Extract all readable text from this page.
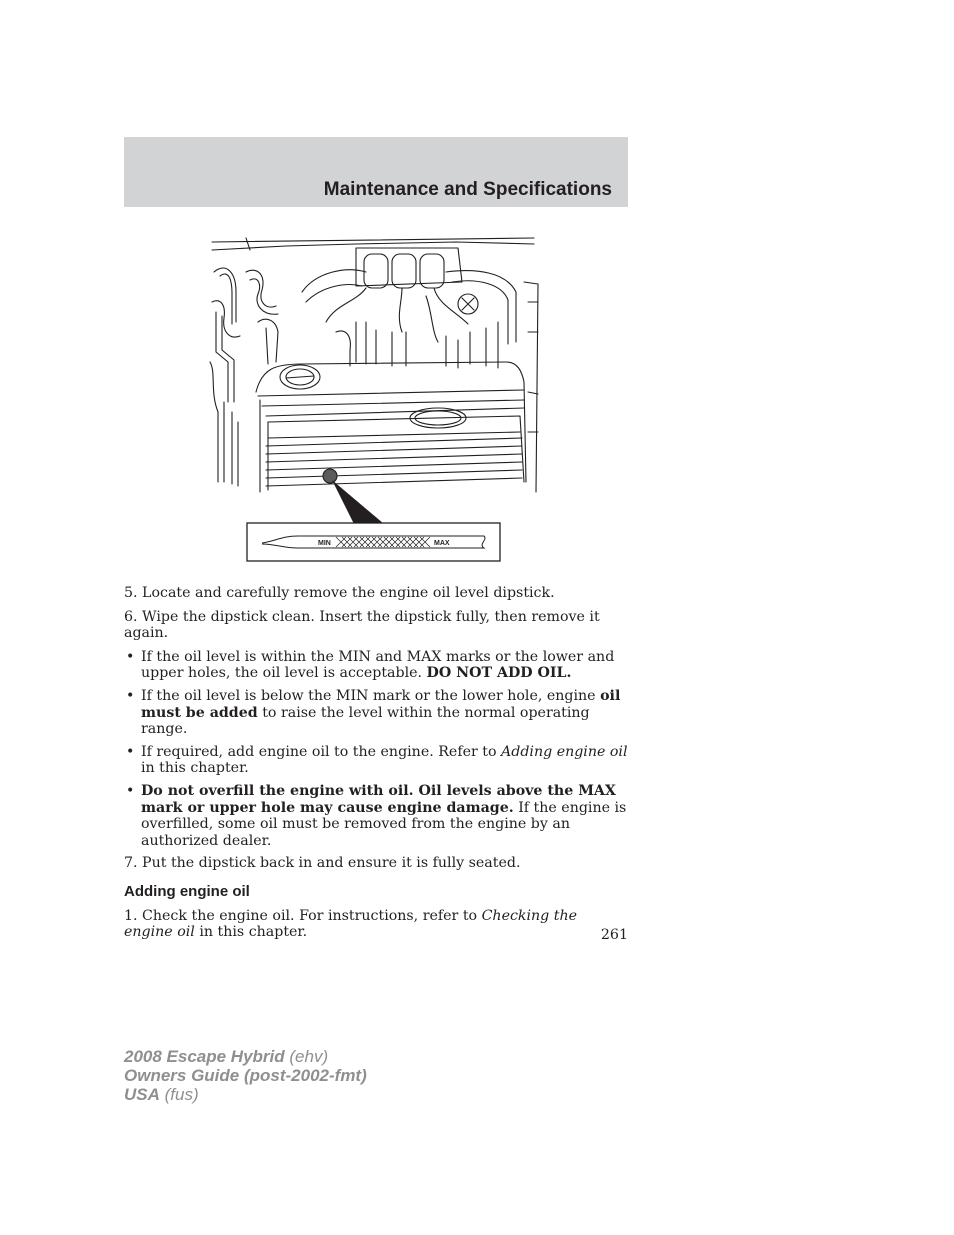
Maintenance and Specifications
MIN	MAX

5. Locate and carefully remove the engine oil level dipstick.

6. Wipe the dipstick clean. Insert the dipstick fully, then remove it again.

• If the oil level is within the MIN and MAX marks or the lower and upper holes, the oil level is acceptable. DO NOT ADD OIL.
• If the oil level is below the MIN mark or the lower hole, engine oil must be added to raise the level within the normal operating range.
• If required, add engine oil to the engine. Refer to Adding engine oil in this chapter.
• Do not overfill the engine with oil. Oil levels above the MAX mark or upper hole may cause engine damage. If the engine is overfilled, some oil must be removed from the engine by an authorized dealer.

7. Put the dipstick back in and ensure it is fully seated.

Adding engine oil

1. Check the engine oil. For instructions, refer to Checking the engine oil in this chapter.	261
2008 Escape Hybrid (ehv)
Owners Guide (post-2002-fmt)
USA (fus)
